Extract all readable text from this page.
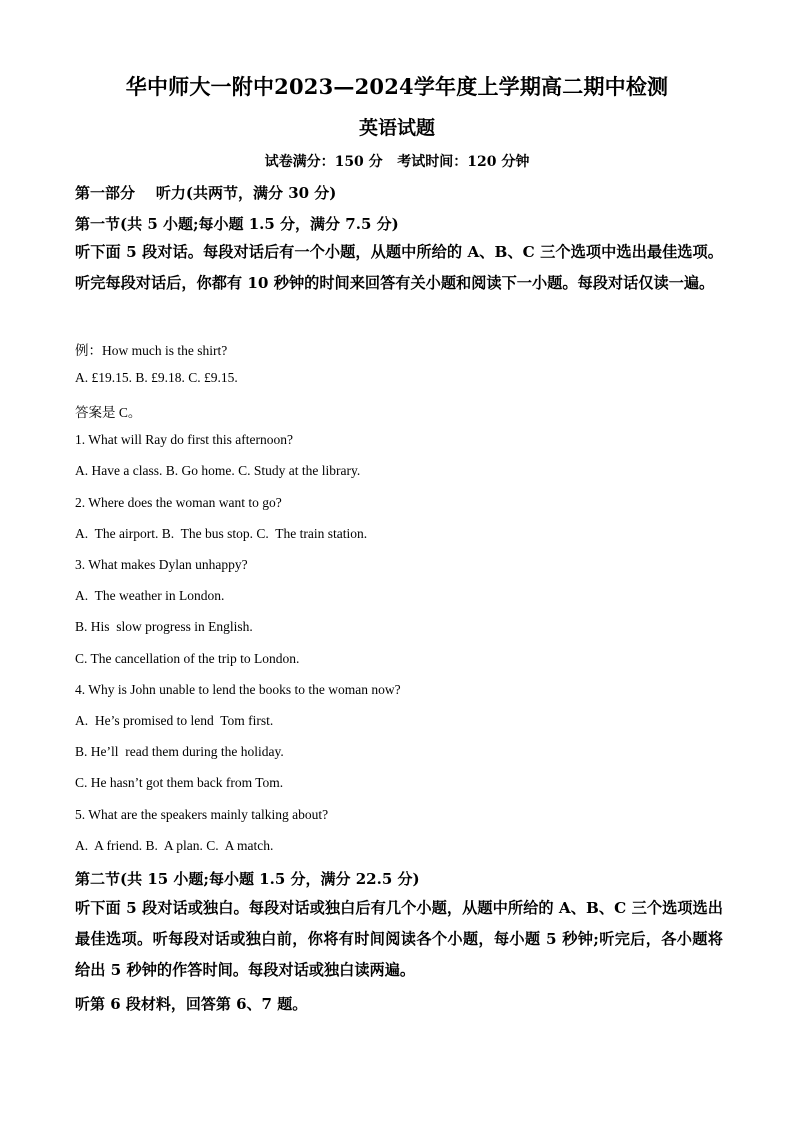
华中师大一附中2023—2024学年度上学期高二期中检测
英语试题
试卷满分：150 分   考试时间：120 分钟
第一部分    听力(共两节，满分 30 分)
第一节(共 5 小题;每小题 1.5 分，满分 7.5 分)
听下面 5 段对话。每段对话后有一个小题，从题中所给的 A、B、C 三个选项中选出最佳选项。听完每段对话后，你都有 10 秒钟的时间来回答有关小题和阅读下一小题。每段对话仅读一遍。
例：How much is the shirt?
A. £19.15. B. £9.18. C. £9.15.
答案是 C。
1. What will Ray do first this afternoon?
A. Have a class. B. Go home. C. Study at the library.
2. Where does the woman want to go?
A.  The airport. B.  The bus stop. C.  The train station.
3. What makes Dylan unhappy?
A.  The weather in London.
B. His  slow progress in English.
C. The cancellation of the trip to London.
4. Why is John unable to lend the books to the woman now?
A.  He’s promised to lend  Tom first.
B. He’ll  read them during the holiday.
C. He hasn’t got them back from Tom.
5. What are the speakers mainly talking about?
A.  A friend. B.  A plan. C.  A match.
第二节(共 15 小题;每小题 1.5 分，满分 22.5 分)
听下面 5 段对话或独白。每段对话或独白后有几个小题，从题中所给的 A、B、C 三个选项选出最佳选项。听每段对话或独白前，你将有时间阅读各个小题，每小题 5 秒钟;听完后，各小题将给出 5 秒钟的作答时间。每段对话或独白读两遍。
听第 6 段材料，回答第 6、7 题。
